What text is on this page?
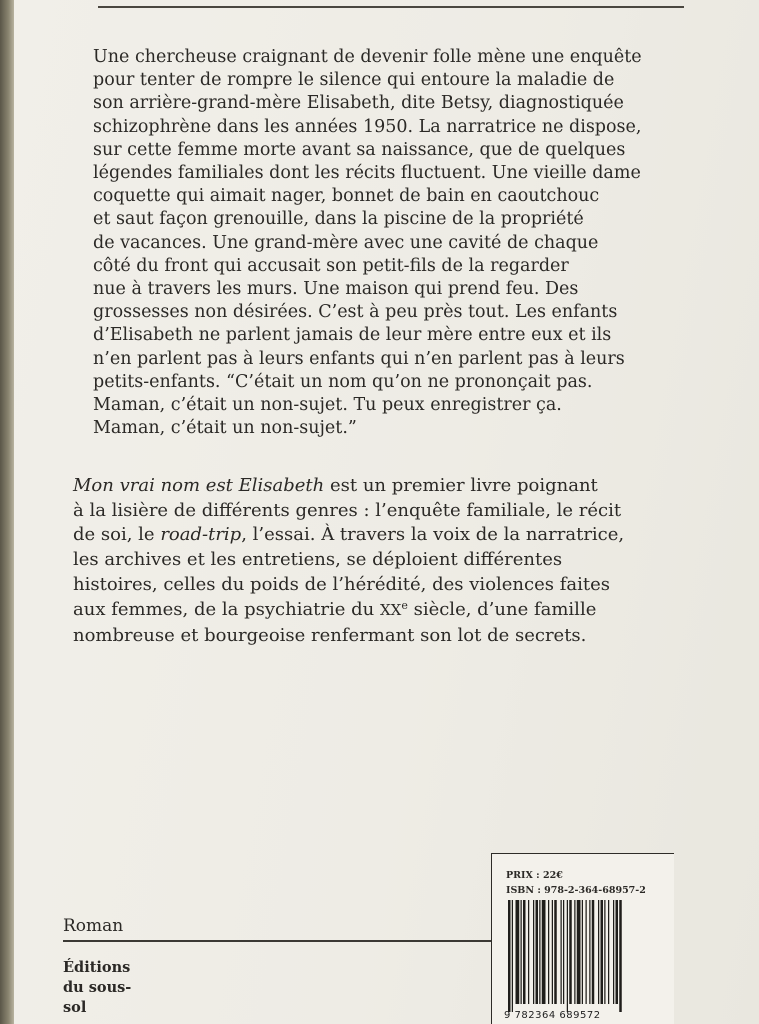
Une chercheuse craignant de devenir folle mène une enquête
pour tenter de rompre le silence qui entoure la maladie de
son arrière-grand-mère Elisabeth, dite Betsy, diagnostiquée
schizophrène dans les années 1950. La narratrice ne dispose,
sur cette femme morte avant sa naissance, que de quelques
légendes familiales dont les récits fluctuent. Une vieille dame
coquette qui aimait nager, bonnet de bain en caoutchouc
et saut façon grenouille, dans la piscine de la propriété
de vacances. Une grand-mère avec une cavité de chaque
côté du front qui accusait son petit-fils de la regarder
nue à travers les murs. Une maison qui prend feu. Des
grossesses non désirées. C’est à peu près tout. Les enfants
d’Elisabeth ne parlent jamais de leur mère entre eux et ils
n’en parlent pas à leurs enfants qui n’en parlent pas à leurs
petits-enfants. “C’était un nom qu’on ne prononçait pas.
Maman, c’était un non-sujet. Tu peux enregistrer ça.
Maman, c’était un non-sujet.”

Mon vrai nom est Elisabeth est un premier livre poignant
à la lisière de différents genres : l’enquête familiale, le récit
de soi, le road-trip, l’essai. À travers la voix de la narratrice,
les archives et les entretiens, se déploient différentes
histoires, celles du poids de l’hérédité, des violences faites
aux femmes, de la psychiatrie du XXe siècle, d’une famille
nombreuse et bourgeoise renfermant son lot de secrets.

Roman

Éditions
du sous-
sol

PRIX : 22€
ISBN : 978-2-364-68957-2

9 782364 689572
